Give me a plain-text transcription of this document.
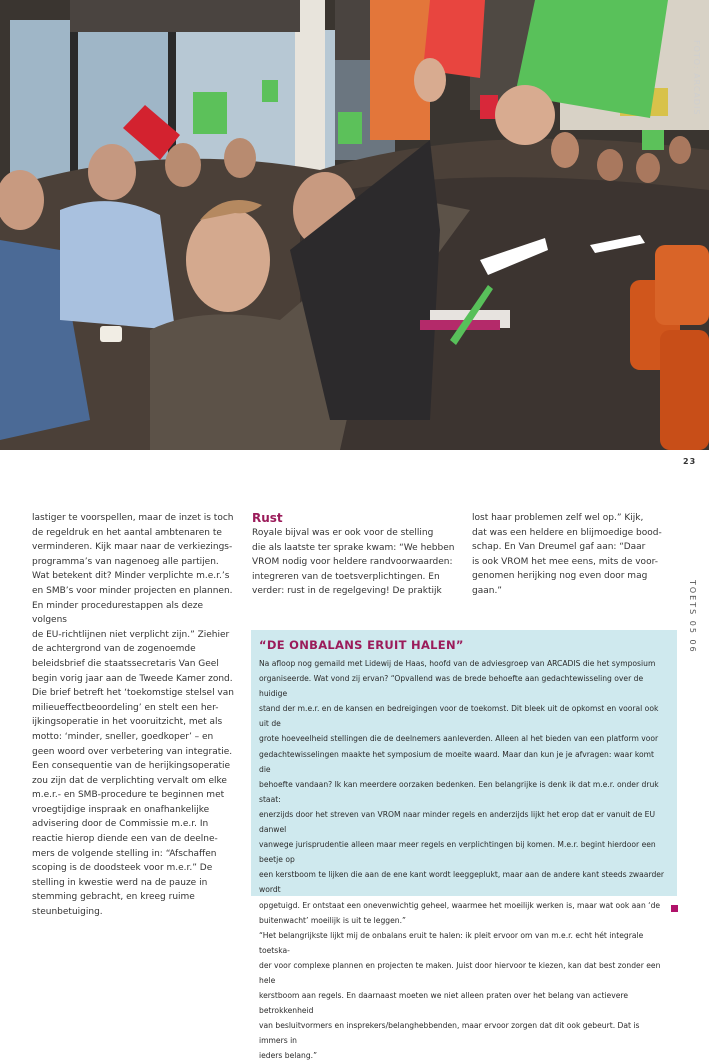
FOTO: ARCADIS
23
TOETS 05 06

lastiger te voorspellen, maar de inzet is toch
de regeldruk en het aantal ambtenaren te
verminderen. Kijk maar naar de verkiezings-
programma’s van nagenoeg alle partijen.
Wat betekent dit? Minder verplichte m.e.r.’s
en SMB’s voor minder projecten en plannen.
En minder procedurestappen als deze volgens
de EU-richtlijnen niet verplicht zijn.” Ziehier
de achtergrond van de zogenoemde
beleidsbrief die staatssecretaris Van Geel
begin vorig jaar aan de Tweede Kamer zond.
Die brief betreft het ‘toekomstige stelsel van
milieueffectbeoordeling’ en stelt een her-
ijkingsoperatie in het vooruitzicht, met als
motto: ‘minder, sneller, goedkoper’ – en
geen woord over verbetering van integratie.
Een consequentie van de herijkingsoperatie
zou zijn dat de verplichting vervalt om elke
m.e.r.- en SMB-procedure te beginnen met
vroegtijdige inspraak en onafhankelijke
advisering door de Commissie m.e.r. In
reactie hierop diende een van de deelne-
mers de volgende stelling in: “Afschaffen
scoping is de doodsteek voor m.e.r.” De
stelling in kwestie werd na de pauze in
stemming gebracht, en kreeg ruime
steunbetuiging.

Rust

Royale bijval was er ook voor de stelling
die als laatste ter sprake kwam: “We hebben
VROM nodig voor heldere randvoorwaarden:
integreren van de toetsverplichtingen. En
verder: rust in de regelgeving! De praktijk

lost haar problemen zelf wel op.” Kijk,
dat was een heldere en blijmoedige bood-
schap. En Van Dreumel gaf aan: “Daar
is ook VROM het mee eens, mits de voor-
genomen herijking nog even door mag
gaan.”

“DE ONBALANS ERUIT HALEN”

Na afloop nog gemaild met Lidewij de Haas, hoofd van de adviesgroep van ARCADIS die het symposium
organiseerde. Wat vond zij ervan? “Opvallend was de brede behoefte aan gedachtewisseling over de huidige
stand der m.e.r. en de kansen en bedreigingen voor de toekomst. Dit bleek uit de opkomst en vooral ook uit de
grote hoeveelheid stellingen die de deelnemers aanleverden. Alleen al het bieden van een platform voor
gedachtewisselingen maakte het symposium de moeite waard. Maar dan kun je je afvragen: waar komt die
behoefte vandaan? Ik kan meerdere oorzaken bedenken. Een belangrijke is denk ik dat m.e.r. onder druk staat:
enerzijds door het streven van VROM naar minder regels en anderzijds lijkt het erop dat er vanuit de EU danwel
vanwege jurisprudentie alleen maar meer regels en verplichtingen bij komen. M.e.r. begint hierdoor een beetje op
een kerstboom te lijken die aan de ene kant wordt leeggeplukt, maar aan de andere kant steeds zwaarder wordt
opgetuigd. Er ontstaat een onevenwichtig geheel, waarmee het moeilijk werken is, maar wat ook aan ‘de
buitenwacht’ moeilijk is uit te leggen.”
“Het belangrijkste lijkt mij de onbalans eruit te halen: ik pleit ervoor om van m.e.r. echt hét integrale toetska-
der voor complexe plannen en projecten te maken. Juist door hiervoor te kiezen, kan dat best zonder een hele
kerstboom aan regels. En daarnaast moeten we niet alleen praten over het belang van actievere betrokkenheid
van besluitvormers en insprekers/belanghebbenden, maar ervoor zorgen dat dit ook gebeurt. Dat is immers in
ieders belang.”
